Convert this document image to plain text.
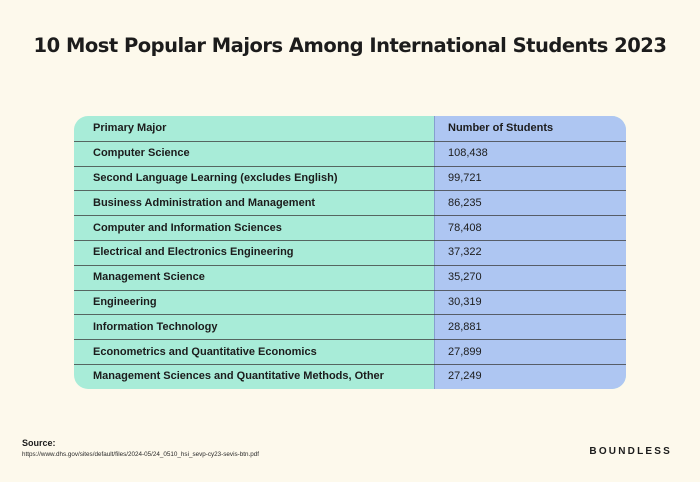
10 Most Popular Majors Among International Students 2023
Primary Major	Number of Students
Computer Science	108,438
Second Language Learning (excludes English)	99,721
Business Administration and Management	86,235
Computer and Information Sciences	78,408
Electrical and Electronics Engineering	37,322
Management Science	35,270
Engineering	30,319
Information Technology	28,881
Econometrics and Quantitative Economics	27,899
Management Sciences and Quantitative Methods, Other	27,249
Source:
https://www.dhs.gov/sites/default/files/2024-05/24_0510_hsi_sevp-cy23-sevis-btn.pdf	BOUNDLESS
